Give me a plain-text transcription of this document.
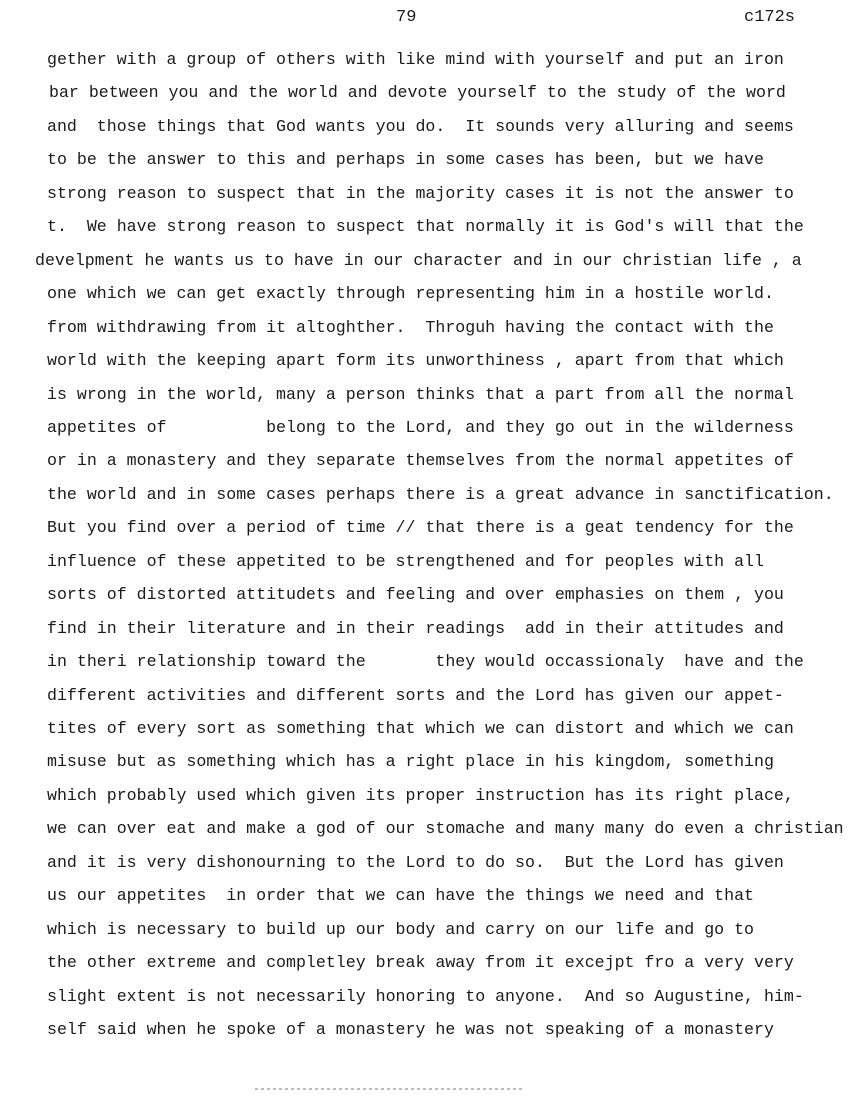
79	c172s
gether with a group of others with like mind with yourself and put an iron
bar between you and the world and devote yourself to the study of the word
and  those things that God wants you do.  It sounds very alluring and seems
to be the answer to this and perhaps in some cases has been, but we have
strong reason to suspect that in the majority cases it is not the answer to
t.  We have strong reason to suspect that normally it is God's will that the
develpment he wants us to have in our character and in our christian life , a
one which we can get exactly through representing him in a hostile world.
from withdrawing from it altoghther.  Throguh having the contact with the
world with the keeping apart form its unworthiness , apart from that which
is wrong in the world, many a person thinks that a part from all the normal
appetites of          belong to the Lord, and they go out in the wilderness
or in a monastery and they separate themselves from the normal appetites of
the world and in some cases perhaps there is a great advance in sanctification.
But you find over a period of time // that there is a geat tendency for the
influence of these appetited to be strengthened and for peoples with all
sorts of distorted attitudets and feeling and over emphasies on them , you
find in their literature and in their readings  add in their attitudes and
in theri relationship toward the       they would occassionaly  have and the
different activities and different sorts and the Lord has given our appet-
tites of every sort as something that which we can distort and which we can
misuse but as something which has a right place in his kingdom, something
which probably used which given its proper instruction has its right place,
we can over eat and make a god of our stomache and many many do even a christian
and it is very dishonourning to the Lord to do so.  But the Lord has given
us our appetites  in order that we can have the things we need and that
which is necessary to build up our body and carry on our life and go to
the other extreme and completley break away from it excejpt fro a very very
slight extent is not necessarily honoring to anyone.  And so Augustine, him-
self said when he spoke of a monastery he was not speaking of a monastery
